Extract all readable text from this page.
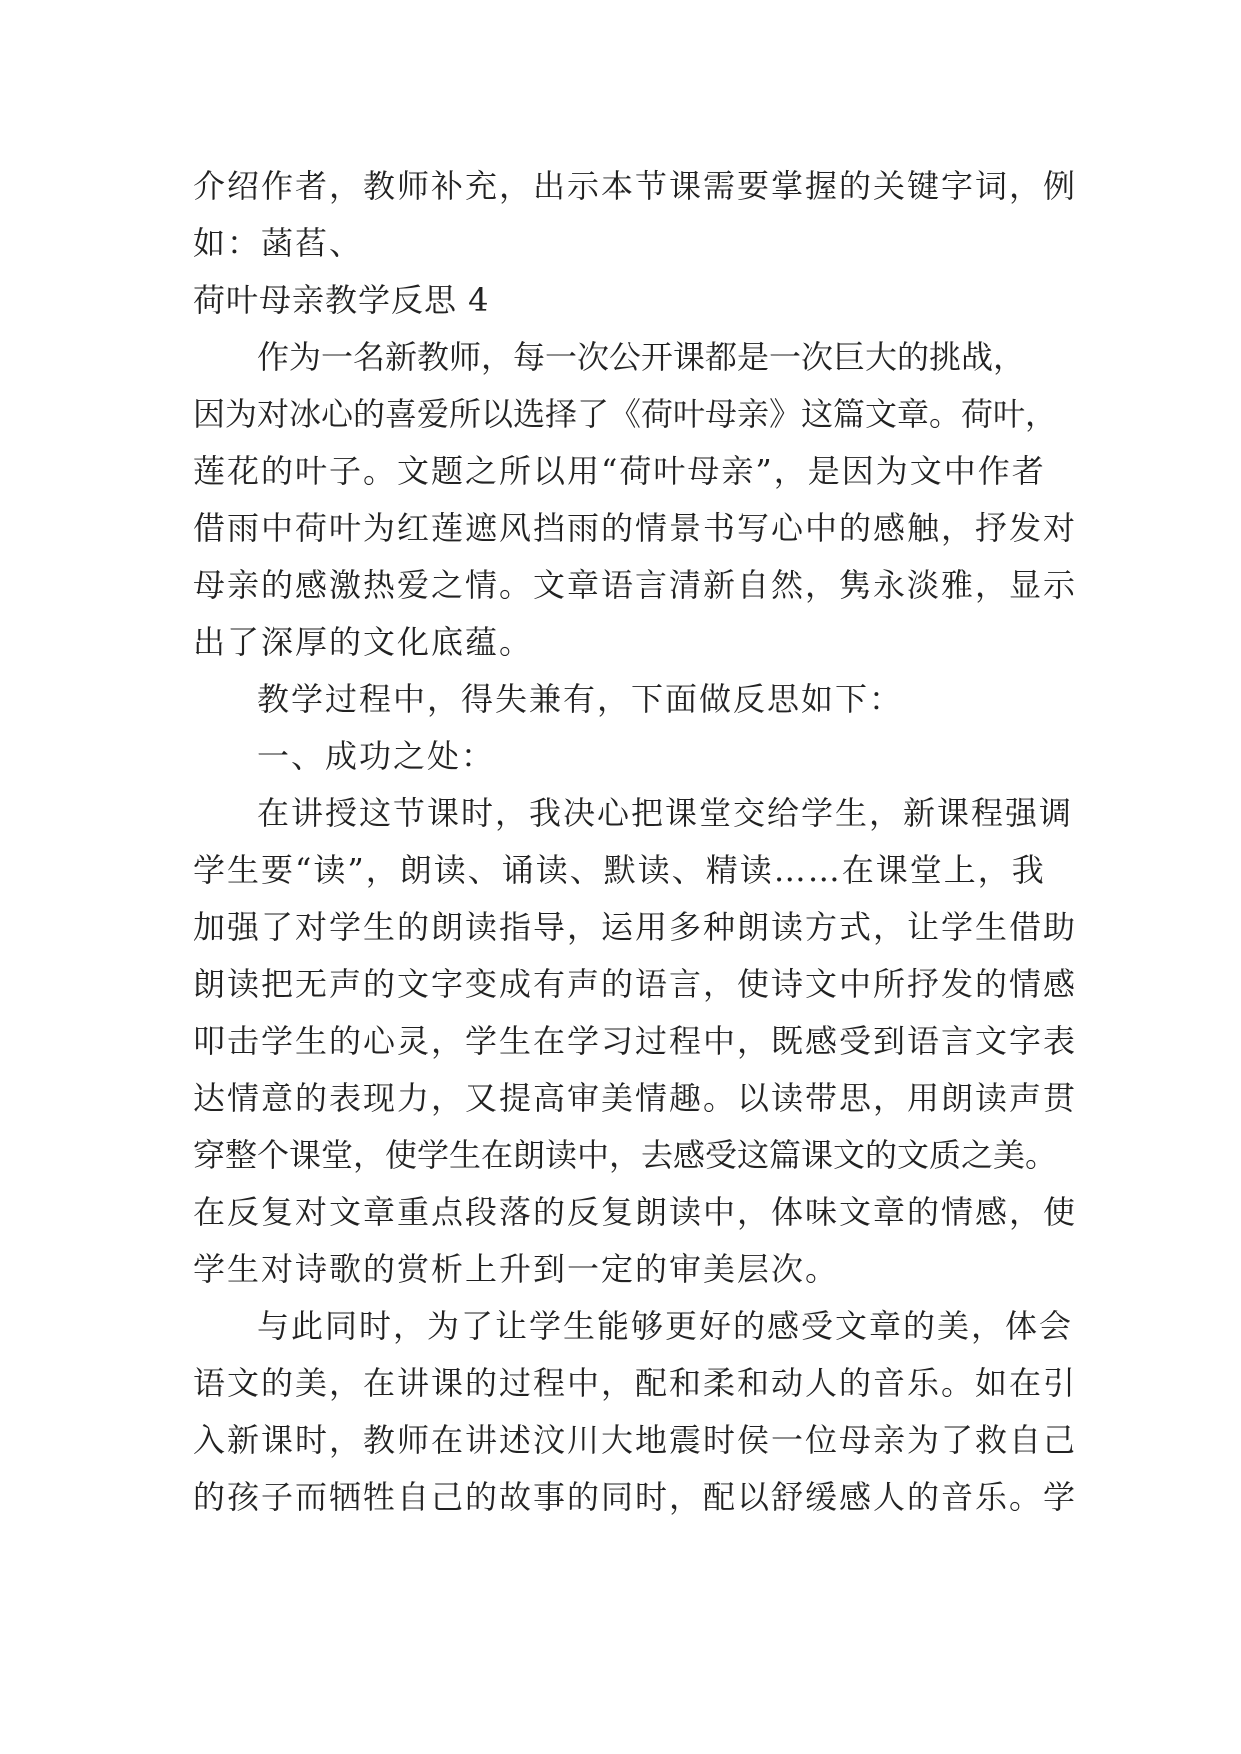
介绍作者，教师补充，出示本节课需要掌握的关键字词，例
如：菡萏、
荷叶母亲教学反思 4
作为一名新教师，每一次公开课都是一次巨大的挑战，
因为对冰心的喜爱所以选择了《荷叶母亲》这篇文章。荷叶，
莲花的叶子。文题之所以用“荷叶母亲”，是因为文中作者
借雨中荷叶为红莲遮风挡雨的情景书写心中的感触，抒发对
母亲的感激热爱之情。文章语言清新自然，隽永淡雅，显示
出了深厚的文化底蕴。
教学过程中，得失兼有，下面做反思如下：
一、成功之处：
在讲授这节课时，我决心把课堂交给学生，新课程强调
学生要“读”，朗读、诵读、默读、精读……在课堂上，我
加强了对学生的朗读指导，运用多种朗读方式，让学生借助
朗读把无声的文字变成有声的语言，使诗文中所抒发的情感
叩击学生的心灵，学生在学习过程中，既感受到语言文字表
达情意的表现力，又提高审美情趣。以读带思，用朗读声贯
穿整个课堂，使学生在朗读中，去感受这篇课文的文质之美。
在反复对文章重点段落的反复朗读中，体味文章的情感，使
学生对诗歌的赏析上升到一定的审美层次。
与此同时，为了让学生能够更好的感受文章的美，体会
语文的美，在讲课的过程中，配和柔和动人的音乐。如在引
入新课时，教师在讲述汶川大地震时侯一位母亲为了救自己
的孩子而牺牲自己的故事的同时，配以舒缓感人的音乐。学
